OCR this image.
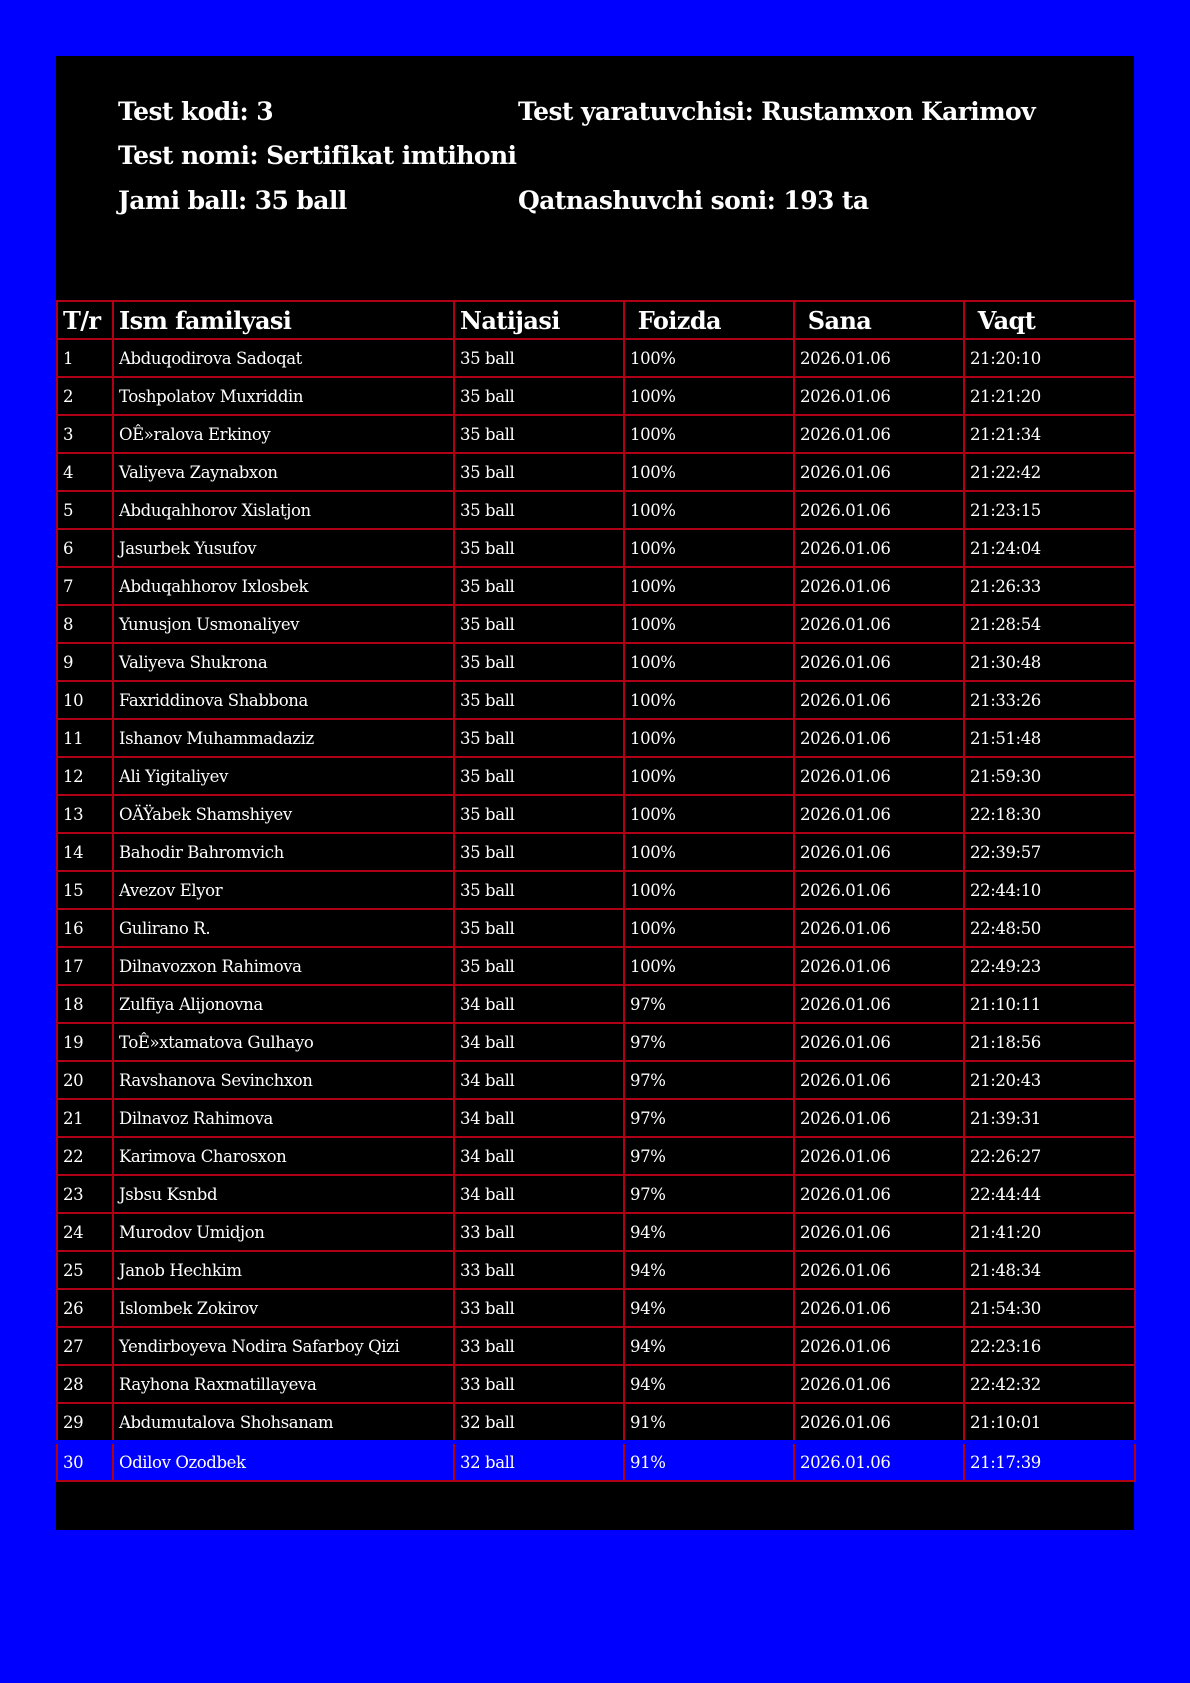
Test kodi: 3	Test yaratuvchisi: Rustamxon Karimov
Test nomi: Sertifikat imtihoni
Jami ball: 35 ball	Qatnashuvchi soni: 193 ta
T/r	Ism familyasi	Natijasi	Foizda	Sana	Vaqt
1	Abduqodirova Sadoqat	35 ball	100%	2026.01.06	21:20:10
2	Toshpolatov Muxriddin	35 ball	100%	2026.01.06	21:21:20
3	OÊ»ralova Erkinoy	35 ball	100%	2026.01.06	21:21:34
4	Valiyeva Zaynabxon	35 ball	100%	2026.01.06	21:22:42
5	Abduqahhorov Xislatjon	35 ball	100%	2026.01.06	21:23:15
6	Jasurbek Yusufov	35 ball	100%	2026.01.06	21:24:04
7	Abduqahhorov Ixlosbek	35 ball	100%	2026.01.06	21:26:33
8	Yunusjon Usmonaliyev	35 ball	100%	2026.01.06	21:28:54
9	Valiyeva Shukrona	35 ball	100%	2026.01.06	21:30:48
10	Faxriddinova Shabbona	35 ball	100%	2026.01.06	21:33:26
11	Ishanov Muhammadaziz	35 ball	100%	2026.01.06	21:51:48
12	Ali Yigitaliyev	35 ball	100%	2026.01.06	21:59:30
13	OÄŸabek Shamshiyev	35 ball	100%	2026.01.06	22:18:30
14	Bahodir Bahromvich	35 ball	100%	2026.01.06	22:39:57
15	Avezov Elyor	35 ball	100%	2026.01.06	22:44:10
16	Gulirano R.	35 ball	100%	2026.01.06	22:48:50
17	Dilnavozxon Rahimova	35 ball	100%	2026.01.06	22:49:23
18	Zulfiya Alijonovna	34 ball	97%	2026.01.06	21:10:11
19	ToÊ»xtamatova Gulhayo	34 ball	97%	2026.01.06	21:18:56
20	Ravshanova Sevinchxon	34 ball	97%	2026.01.06	21:20:43
21	Dilnavoz Rahimova	34 ball	97%	2026.01.06	21:39:31
22	Karimova Charosxon	34 ball	97%	2026.01.06	22:26:27
23	Jsbsu Ksnbd	34 ball	97%	2026.01.06	22:44:44
24	Murodov Umidjon	33 ball	94%	2026.01.06	21:41:20
25	Janob Hechkim	33 ball	94%	2026.01.06	21:48:34
26	Islombek Zokirov	33 ball	94%	2026.01.06	21:54:30
27	Yendirboyeva Nodira Safarboy Qizi	33 ball	94%	2026.01.06	22:23:16
28	Rayhona Raxmatillayeva	33 ball	94%	2026.01.06	22:42:32
29	Abdumutalova Shohsanam	32 ball	91%	2026.01.06	21:10:01
30	Odilov Ozodbek	32 ball	91%	2026.01.06	21:17:39
